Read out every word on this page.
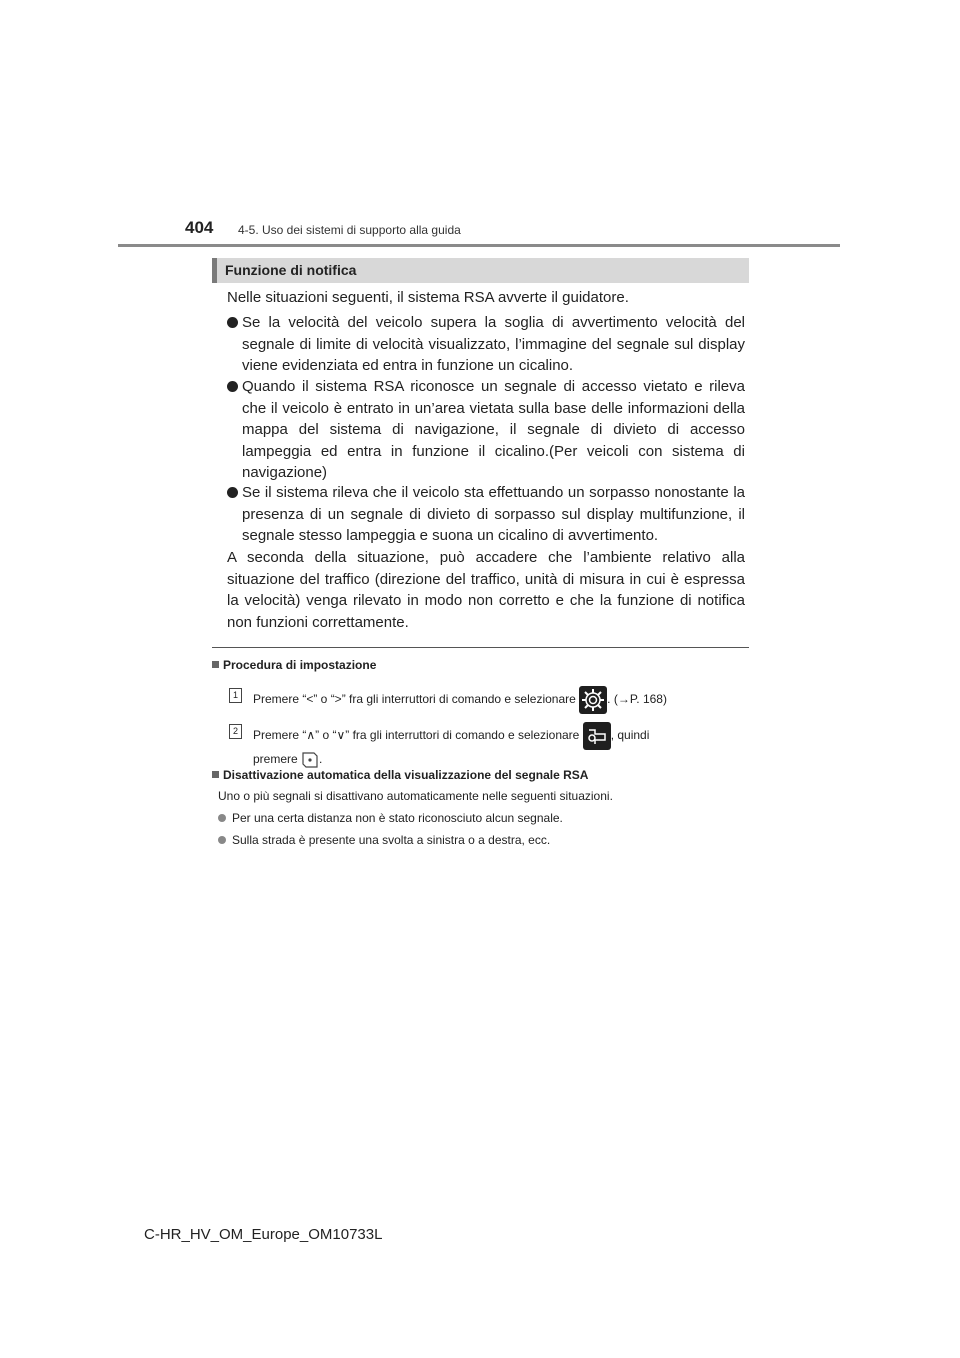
404 4-5. Uso dei sistemi di supporto alla guida
Funzione di notifica
Nelle situazioni seguenti, il sistema RSA avverte il guidatore.
Se la velocità del veicolo supera la soglia di avvertimento velocità del segnale di limite di velocità visualizzato, l’immagine del segnale sul display viene evidenziata ed entra in funzione un cicalino.
Quando il sistema RSA riconosce un segnale di accesso vietato e rileva che il veicolo è entrato in un’area vietata sulla base delle informazioni della mappa del sistema di navigazione, il segnale di divieto di accesso lampeggia ed entra in funzione il cicalino.(Per veicoli con sistema di navigazione)
Se il sistema rileva che il veicolo sta effettuando un sorpasso nonostante la presenza di un segnale di divieto di sorpasso sul display multifunzione, il segnale stesso lampeggia e suona un cicalino di avvertimento.
A seconda della situazione, può accadere che l’ambiente relativo alla situazione del traffico (direzione del traffico, unità di misura in cui è espressa la velocità) venga rilevato in modo non corretto e che la funzione di notifica non funzioni correttamente.
Procedura di impostazione
1	Premere “<” o “>” fra gli interruttori di comando e selezionare	. (→P. 168)
2	Premere “∧” o “∨” fra gli interruttori di comando e selezionare	, quindi
premere .
Disattivazione automatica della visualizzazione del segnale RSA
Uno o più segnali si disattivano automaticamente nelle seguenti situazioni.
Per una certa distanza non è stato riconosciuto alcun segnale.
Sulla strada è presente una svolta a sinistra o a destra, ecc.
C-HR_HV_OM_Europe_OM10733L
